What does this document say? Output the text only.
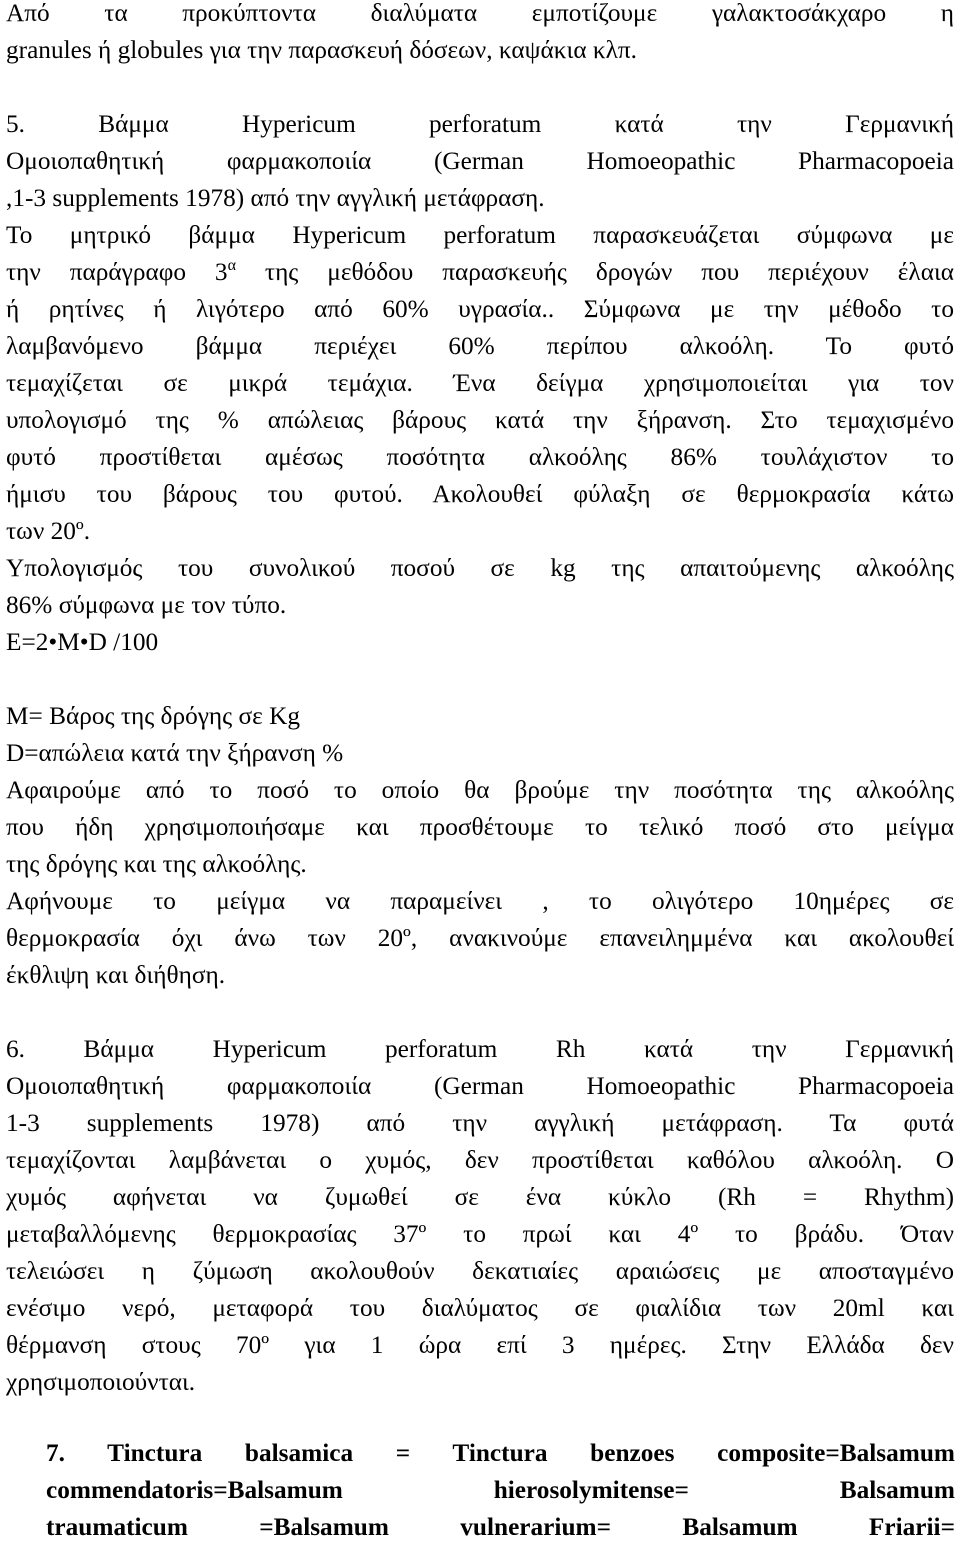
Από τα προκύπτοντα διαλύματα εμποτίζουμε γαλακτοσάκχαρο η
granules ή globules για την παρασκευή δόσεων, καψάκια κλπ.
5. Βάμμα Hypericum perforatum κατά την Γερμανική
Ομοιοπαθητική φαρμακοποιία (German Homoeopathic Pharmacopoeia
,1-3 supplements 1978) από την αγγλική μετάφραση.
Το μητρικό βάμμα Hypericum perforatum παρασκευάζεται σύμφωνα με
την παράγραφο $3^\alpha$ της μεθόδου παρασκευής δρογών που περιέχουν έλαια
ή ρητίνες ή λιγότερο από 60% υγρασία.. Σύμφωνα με την μέθοδο το
λαμβανόμενο βάμμα περιέχει 60% περίπου αλκοόλη. Το φυτό
τεμαχίζεται σε μικρά τεμάχια. Ένα δείγμα χρησιμοποιείται για τον
υπολογισμό της % απώλειας βάρους κατά την ξήρανση. Στο τεμαχισμένο
φυτό προστίθεται αμέσως ποσότητα αλκοόλης 86% τουλάχιστον το
ήμισυ του βάρους του φυτού. Ακολουθεί φύλαξη σε θερμοκρασία κάτω
των 20º.
Υπολογισμός του συνολικού ποσού σε kg της απαιτούμενης αλκοόλης
86% σύμφωνα με τον τύπο.
E=2•M•D /100
M= Βάρος της δρόγης σε Kg
D=απώλεια κατά την ξήρανση %
Αφαιρούμε από το ποσό το οποίο θα βρούμε την ποσότητα της αλκοόλης
που ήδη χρησιμοποιήσαμε και προσθέτουμε το τελικό ποσό στο μείγμα
της δρόγης και της αλκοόλης.
Αφήνουμε το μείγμα να παραμείνει , το ολιγότερο 10ημέρες σε
θερμοκρασία όχι άνω των 20º, ανακινούμε επανειλημμένα και ακολουθεί
έκθλιψη και διήθηση.
6. Βάμμα Hypericum perforatum Rh κατά την Γερμανική
Ομοιοπαθητική φαρμακοποιία (German Homoeopathic Pharmacopoeia
1-3 supplements 1978) από την αγγλική μετάφραση. Τα φυτά
τεμαχίζονται λαμβάνεται ο χυμός, δεν προστίθεται καθόλου αλκοόλη. Ο
χυμός αφήνεται να ζυμωθεί σε ένα κύκλο (Rh = Rhythm)
μεταβαλλόμενης θερμοκρασίας 37º το πρωί και 4º το βράδυ. Όταν
τελειώσει η ζύμωση ακολουθούν δεκατιαίες αραιώσεις με αποσταγμένο
ενέσιμο νερό, μεταφορά του διαλύματος σε φιαλίδια των 20ml και
θέρμανση στους 70º για 1 ώρα επί 3 ημέρες. Στην Ελλάδα δεν
χρησιμοποιούνται.
7. Tinctura balsamica = Tinctura benzoes composite=Balsamum
commendatoris=Balsamum hierosolymitense= Balsamum
traumaticum =Balsamum vulnerarium= Balsamum Friarii=
